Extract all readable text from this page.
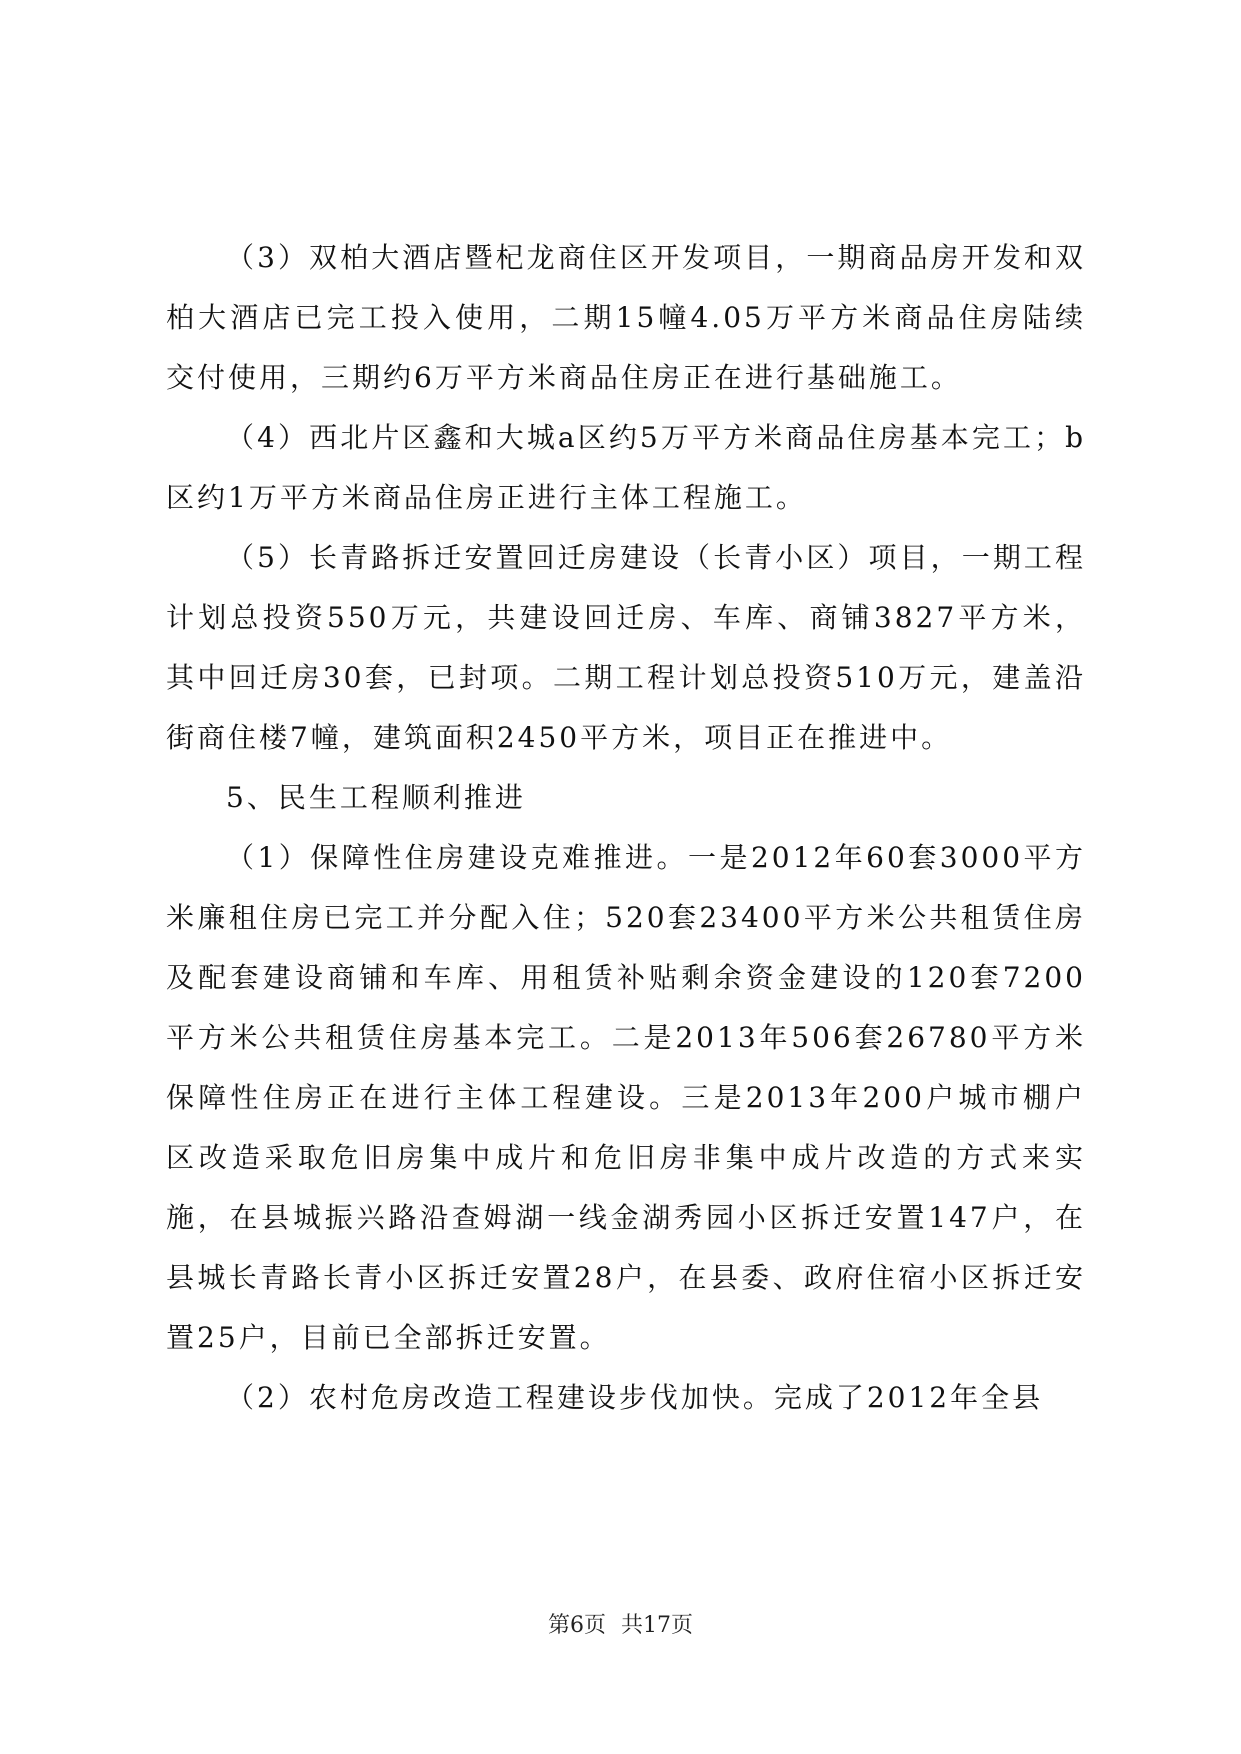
（3）双柏大酒店暨杞龙商住区开发项目，一期商品房开发和双柏大酒店已完工投入使用，二期15幢4.05万平方米商品住房陆续交付使用，三期约6万平方米商品住房正在进行基础施工。

（4）西北片区鑫和大城a区约5万平方米商品住房基本完工；b区约1万平方米商品住房正进行主体工程施工。

（5）长青路拆迁安置回迁房建设（长青小区）项目，一期工程计划总投资550万元，共建设回迁房、车库、商铺3827平方米，其中回迁房30套，已封项。二期工程计划总投资510万元，建盖沿街商住楼7幢，建筑面积2450平方米，项目正在推进中。

5、民生工程顺利推进

（1）保障性住房建设克难推进。一是2012年60套3000平方米廉租住房已完工并分配入住；520套23400平方米公共租赁住房及配套建设商铺和车库、用租赁补贴剩余资金建设的120套7200平方米公共租赁住房基本完工。二是2013年506套26780平方米保障性住房正在进行主体工程建设。三是2013年200户城市棚户区改造采取危旧房集中成片和危旧房非集中成片改造的方式来实施，在县城振兴路沿查姆湖一线金湖秀园小区拆迁安置147户，在县城长青路长青小区拆迁安置28户，在县委、政府住宿小区拆迁安置25户，目前已全部拆迁安置。

（2）农村危房改造工程建设步伐加快。完成了2012年全县

第6页 共17页
